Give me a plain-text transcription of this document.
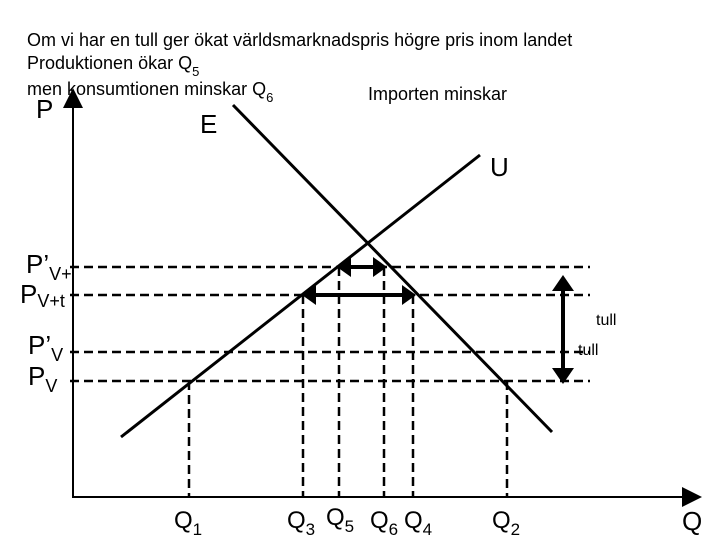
Om vi har en tull ger ökat världsmarknadspris högre pris inom landet
Produktionen ökar $Q_5$
men konsumtionen minskar $Q_6$	Importen minskar
P
Q
E
U
$P’_{V+}$
PV+t
$P’_V$
$P_V$
tull
tull
$Q_1$	$Q_3$ $Q_5$ $Q_6$ $Q_4$ $Q_2$
